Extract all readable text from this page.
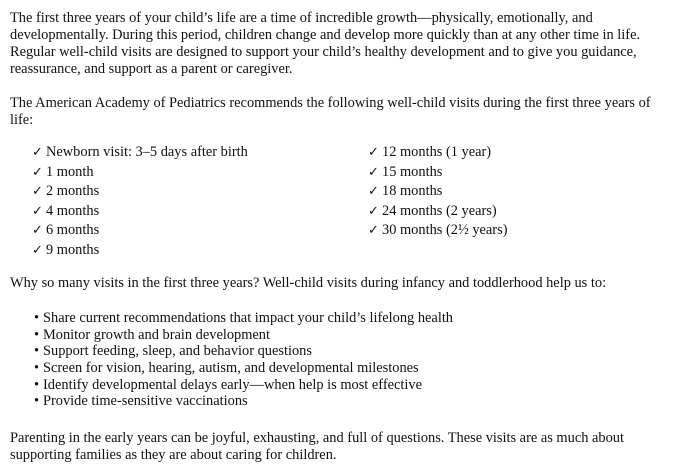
The first three years of your child’s life are a time of incredible growth—physically, emotionally, and developmentally. During this period, children change and develop more quickly than at any other time in life. Regular well-child visits are designed to support your child’s healthy development and to give you guidance, reassurance, and support as a parent or caregiver.

The American Academy of Pediatrics recommends the following well-child visits during the first three years of life:

✓ Newborn visit: 3–5 days after birth
✓ 1 month
✓ 2 months
✓ 4 months
✓ 6 months
✓ 9 months
✓ 12 months (1 year)
✓ 15 months
✓ 18 months
✓ 24 months (2 years)
✓ 30 months (2½ years)

Why so many visits in the first three years? Well-child visits during infancy and toddlerhood help us to:

• Share current recommendations that impact your child’s lifelong health
• Monitor growth and brain development
• Support feeding, sleep, and behavior questions
• Screen for vision, hearing, autism, and developmental milestones
• Identify developmental delays early—when help is most effective
• Provide time-sensitive vaccinations

Parenting in the early years can be joyful, exhausting, and full of questions. These visits are as much about supporting families as they are about caring for children.
